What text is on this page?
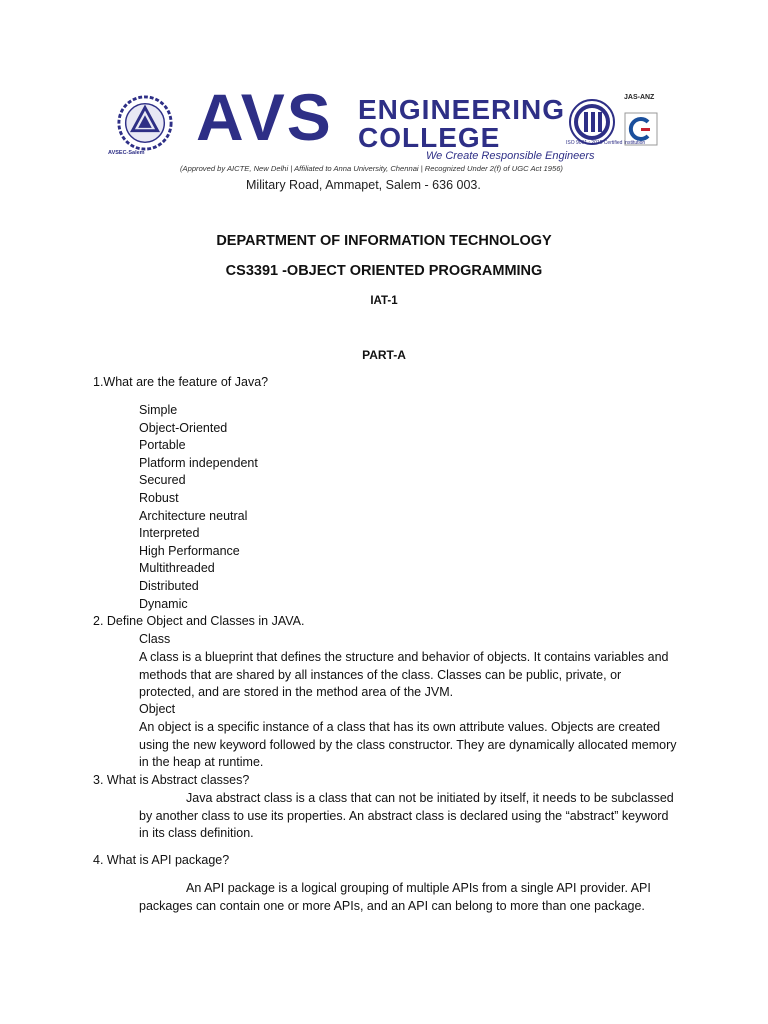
AVSEC-Salem AVS ENGINEERING
COLLEGE
We Create Responsible Engineers
(Approved by AICTE, New Delhi | Affiliated to Anna University, Chennai | Recognized Under 2(f) of UGC Act 1956)
Military Road, Ammapet, Salem - 636 003.
ISO 9001 : 2015 Certified Institution
JAS-ANZ
DEPARTMENT OF INFORMATION TECHNOLOGY
CS3391 -OBJECT ORIENTED PROGRAMMING
IAT-1
PART-A

1.What are the feature of Java?

Simple
Object-Oriented
Portable
Platform independent
Secured
Robust
Architecture neutral
Interpreted
High Performance
Multithreaded
Distributed
Dynamic

2. Define Object and Classes in JAVA.

Class

A class is a blueprint that defines the structure and behavior of objects. It contains variables and methods that are shared by all instances of the class. Classes can be public, private, or protected, and are stored in the method area of the JVM.

Object

An object is a specific instance of a class that has its own attribute values. Objects are created using the new keyword followed by the class constructor. They are dynamically allocated memory in the heap at runtime.

3. What is Abstract classes?

Java abstract class is a class that can not be initiated by itself, it needs to be subclassed by another class to use its properties. An abstract class is declared using the “abstract” keyword in its class definition.

4. What is API package?

An API package is a logical grouping of multiple APIs from a single API provider. API packages can contain one or more APIs, and an API can belong to more than one package.
